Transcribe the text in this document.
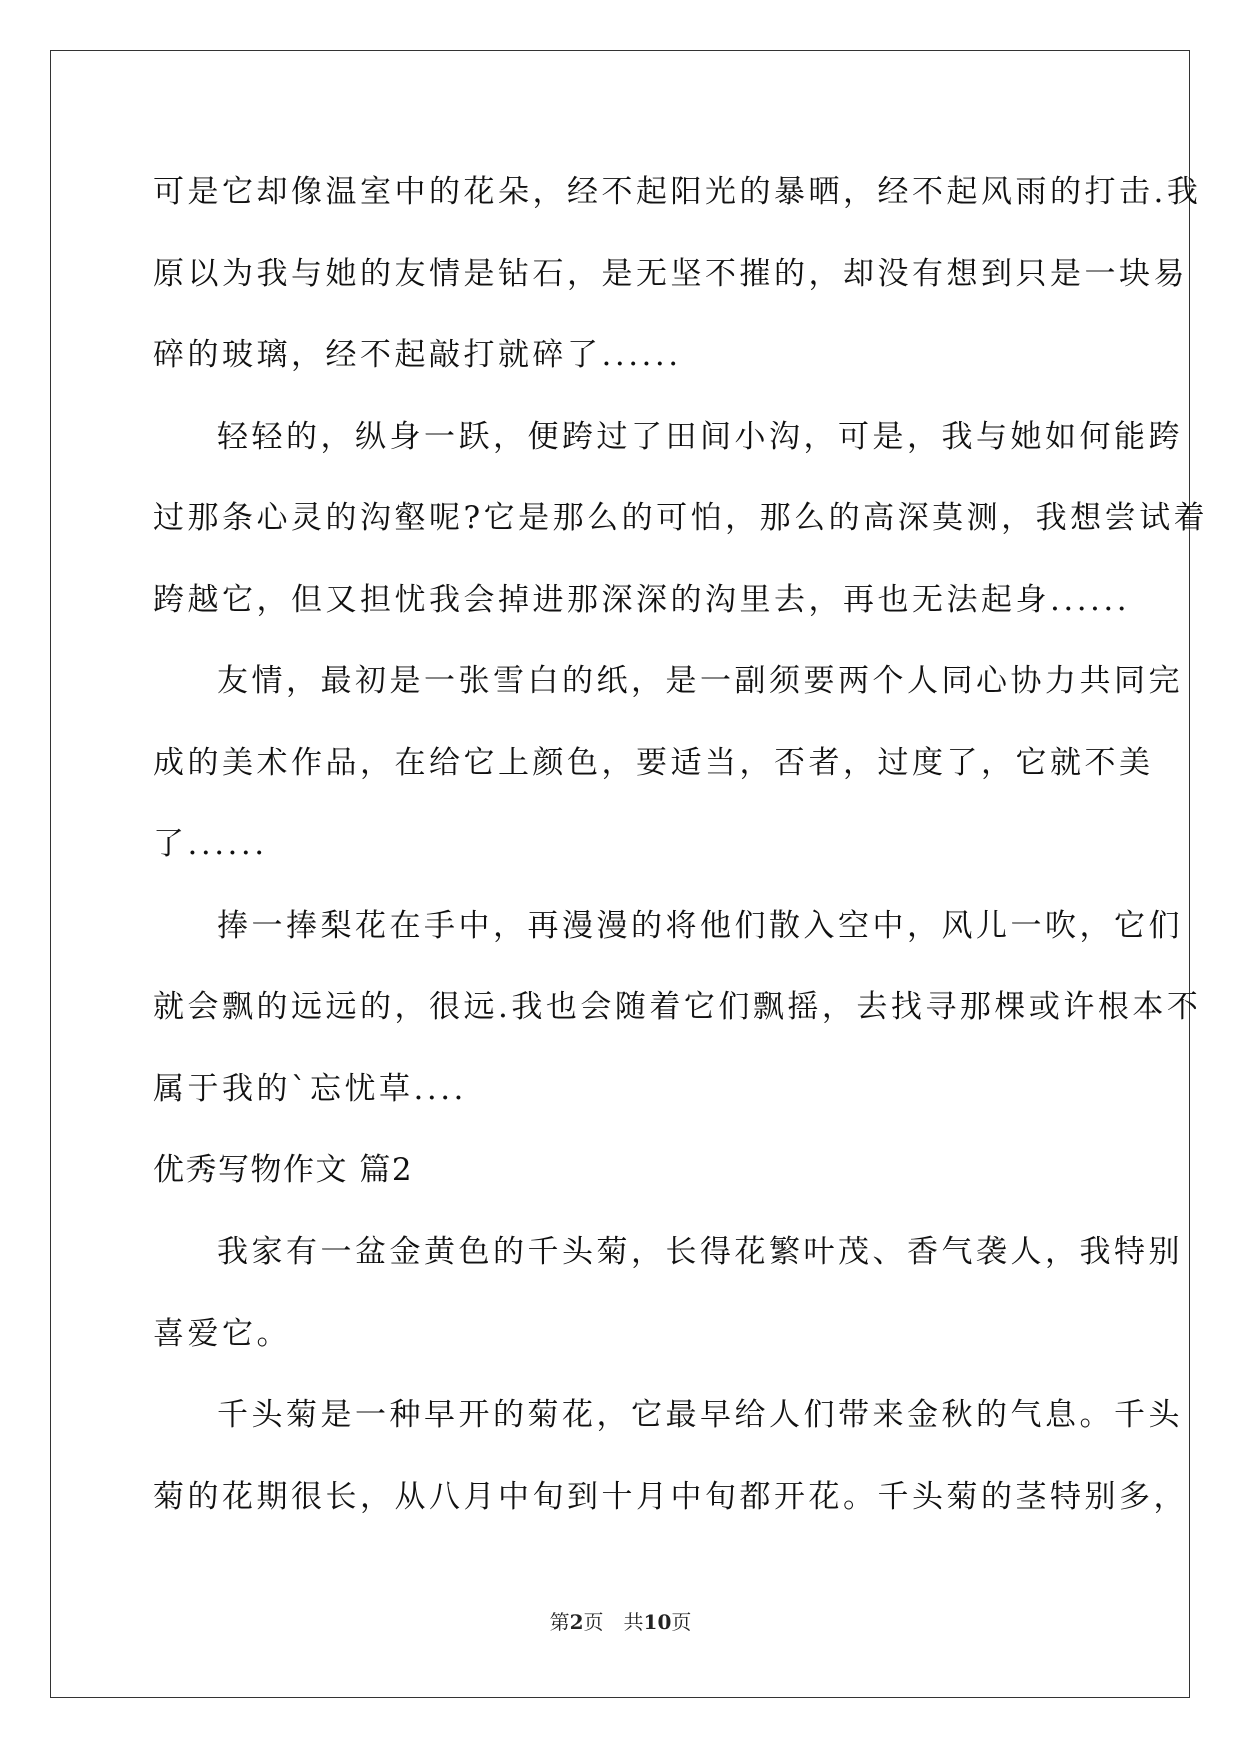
可是它却像温室中的花朵，经不起阳光的暴晒，经不起风雨的打击.我
原以为我与她的友情是钻石，是无坚不摧的，却没有想到只是一块易
碎的玻璃，经不起敲打就碎了......
轻轻的，纵身一跃，便跨过了田间小沟，可是，我与她如何能跨
过那条心灵的沟壑呢?它是那么的可怕，那么的高深莫测，我想尝试着
跨越它，但又担忧我会掉进那深深的沟里去，再也无法起身......
友情，最初是一张雪白的纸，是一副须要两个人同心协力共同完
成的美术作品，在给它上颜色，要适当，否者，过度了，它就不美
了......
捧一捧梨花在手中，再漫漫的将他们散入空中，风儿一吹，它们
就会飘的远远的，很远.我也会随着它们飘摇，去找寻那棵或许根本不
属于我的`忘忧草....
优秀写物作文 篇2
我家有一盆金黄色的千头菊，长得花繁叶茂、香气袭人，我特别
喜爱它。
千头菊是一种早开的菊花，它最早给人们带来金秋的气息。千头
菊的花期很长，从八月中旬到十月中旬都开花。千头菊的茎特别多，
第2页 共10页
